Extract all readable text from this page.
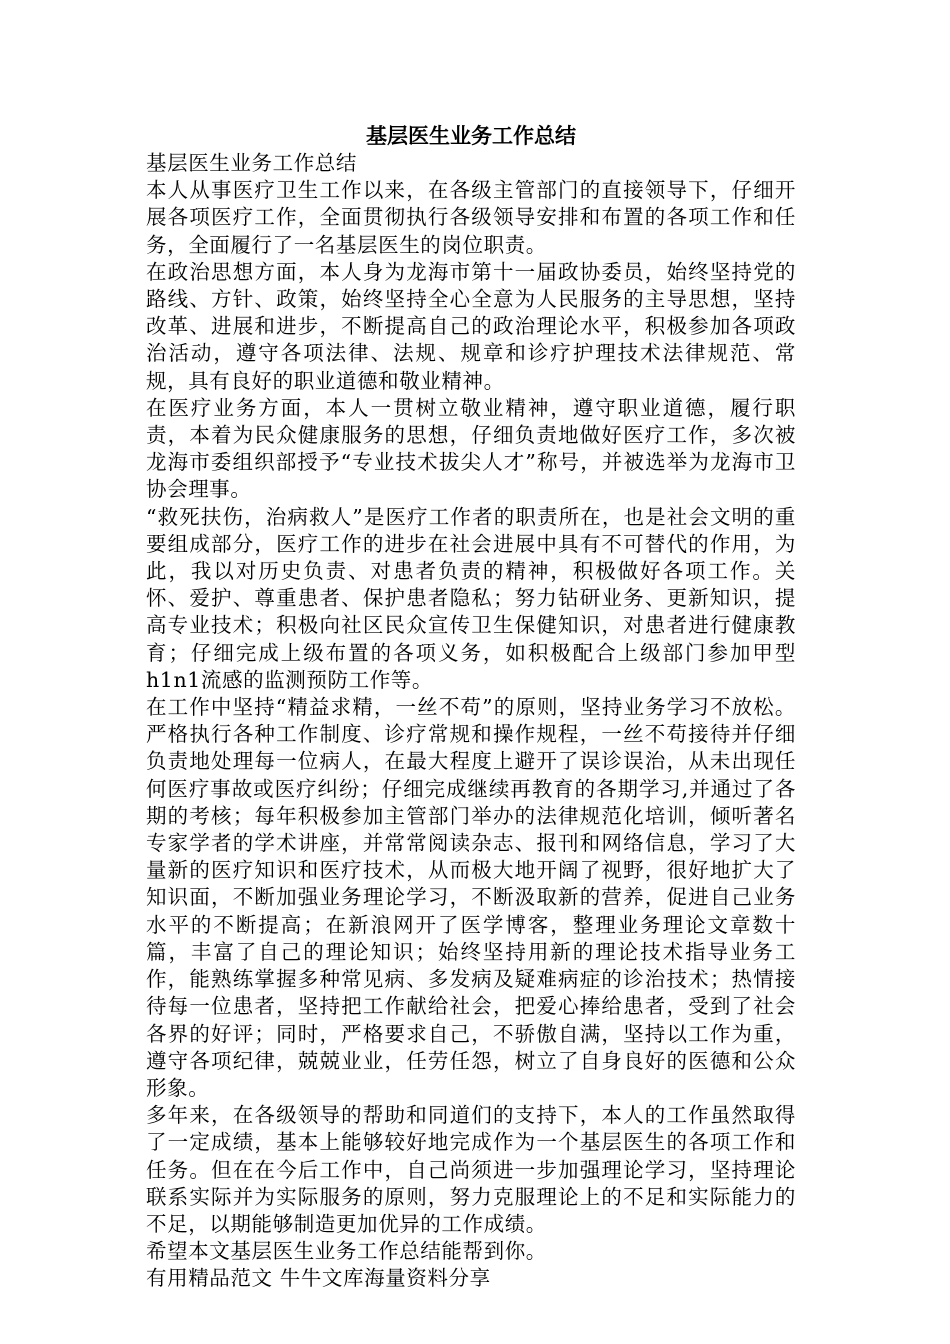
基层医生业务工作总结

基层医生业务工作总结

本人从事医疗卫生工作以来，在各级主管部门的直接领导下，仔细开展各项医疗工作，全面贯彻执行各级领导安排和布置的各项工作和任务，全面履行了一名基层医生的岗位职责。

在政治思想方面，本人身为龙海市第十一届政协委员，始终坚持党的路线、方针、政策，始终坚持全心全意为人民服务的主导思想，坚持改革、进展和进步，不断提高自己的政治理论水平，积极参加各项政治活动，遵守各项法律、法规、规章和诊疗护理技术法律规范、常规，具有良好的职业道德和敬业精神。

在医疗业务方面，本人一贯树立敬业精神，遵守职业道德，履行职责，本着为民众健康服务的思想，仔细负责地做好医疗工作，多次被龙海市委组织部授予“专业技术拔尖人才”称号，并被选举为龙海市卫协会理事。

“救死扶伤，治病救人”是医疗工作者的职责所在，也是社会文明的重要组成部分，医疗工作的进步在社会进展中具有不可替代的作用，为此，我以对历史负责、对患者负责的精神，积极做好各项工作。关怀、爱护、尊重患者、保护患者隐私；努力钻研业务、更新知识，提高专业技术；积极向社区民众宣传卫生保健知识，对患者进行健康教育；仔细完成上级布置的各项义务，如积极配合上级部门参加甲型h1n1流感的监测预防工作等。

在工作中坚持“精益求精，一丝不苟”的原则，坚持业务学习不放松。严格执行各种工作制度、诊疗常规和操作规程，一丝不苟接待并仔细负责地处理每一位病人，在最大程度上避开了误诊误治，从未出现任何医疗事故或医疗纠纷；仔细完成继续再教育的各期学习,并通过了各期的考核；每年积极参加主管部门举办的法律规范化培训，倾听著名专家学者的学术讲座，并常常阅读杂志、报刊和网络信息，学习了大量新的医疗知识和医疗技术，从而极大地开阔了视野，很好地扩大了知识面，不断加强业务理论学习，不断汲取新的营养，促进自己业务水平的不断提高；在新浪网开了医学博客，整理业务理论文章数十篇，丰富了自己的理论知识；始终坚持用新的理论技术指导业务工作，能熟练掌握多种常见病、多发病及疑难病症的诊治技术；热情接待每一位患者，坚持把工作献给社会，把爱心捧给患者，受到了社会各界的好评；同时，严格要求自己，不骄傲自满，坚持以工作为重，遵守各项纪律，兢兢业业，任劳任怨，树立了自身良好的医德和公众形象。

多年来，在各级领导的帮助和同道们的支持下，本人的工作虽然取得了一定成绩，基本上能够较好地完成作为一个基层医生的各项工作和任务。但在在今后工作中，自己尚须进一步加强理论学习，坚持理论联系实际并为实际服务的原则，努力克服理论上的不足和实际能力的不足，以期能够制造更加优异的工作成绩。

希望本文基层医生业务工作总结能帮到你。

有用精品范文 牛牛文库海量资料分享
